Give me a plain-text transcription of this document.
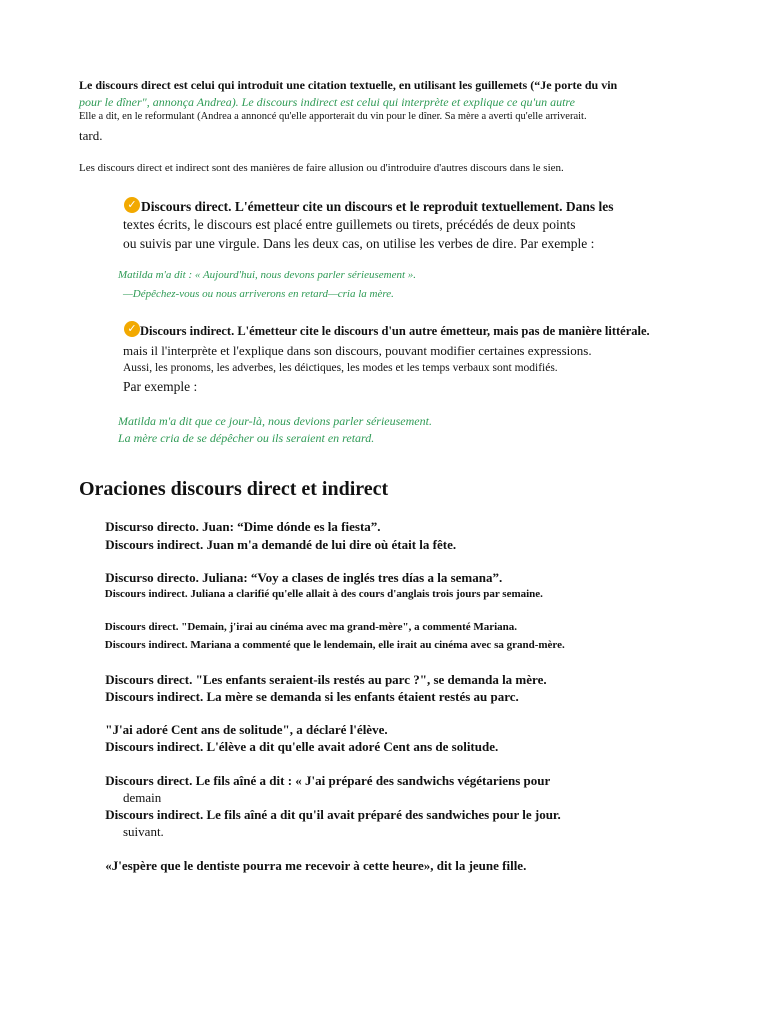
Le discours direct est celui qui introduit une citation textuelle, en utilisant les guillemets (“Je porte du vin
pour le dîner", annonça Andrea). Le discours indirect est celui qui interprète et explique ce qu'un autre
Elle a dit, en le reformulant (Andrea a annoncé qu'elle apporterait du vin pour le dîner. Sa mère a averti qu'elle arriverait.
tard.
Les discours direct et indirect sont des manières de faire allusion ou d'introduire d'autres discours dans le sien.
✓ Discours direct. L'émetteur cite un discours et le reproduit textuellement. Dans les
textes écrits, le discours est placé entre guillemets ou tirets, précédés de deux points
ou suivis par une virgule. Dans les deux cas, on utilise les verbes de dire. Par exemple :
Matilda m'a dit : « Aujourd'hui, nous devons parler sérieusement ».
—Dépêchez-vous ou nous arriverons en retard—cria la mère.
✓ Discours indirect. L'émetteur cite le discours d'un autre émetteur, mais pas de manière littérale.
mais il l'interprète et l'explique dans son discours, pouvant modifier certaines expressions.
Aussi, les pronoms, les adverbes, les déictiques, les modes et les temps verbaux sont modifiés.
Par exemple :
Matilda m'a dit que ce jour-là, nous devions parler sérieusement.
La mère cria de se dépêcher ou ils seraient en retard.
Oraciones discours direct et indirect
Discurso directo. Juan: “Dime dónde es la fiesta”.
Discours indirect. Juan m'a demandé de lui dire où était la fête.
Discurso directo. Juliana: “Voy a clases de inglés tres días a la semana”.
Discours indirect. Juliana a clarifié qu'elle allait à des cours d'anglais trois jours par semaine.
Discours direct. "Demain, j'irai au cinéma avec ma grand-mère", a commenté Mariana.
Discours indirect. Mariana a commenté que le lendemain, elle irait au cinéma avec sa grand-mère.
Discours direct. "Les enfants seraient-ils restés au parc ?", se demanda la mère.
Discours indirect. La mère se demanda si les enfants étaient restés au parc.
"J'ai adoré Cent ans de solitude", a déclaré l'élève.
Discours indirect. L'élève a dit qu'elle avait adoré Cent ans de solitude.
Discours direct. Le fils aîné a dit : « J'ai préparé des sandwichs végétariens pour
demain
Discours indirect. Le fils aîné a dit qu'il avait préparé des sandwiches pour le jour.
suivant.
«J'espère que le dentiste pourra me recevoir à cette heure», dit la jeune fille.
